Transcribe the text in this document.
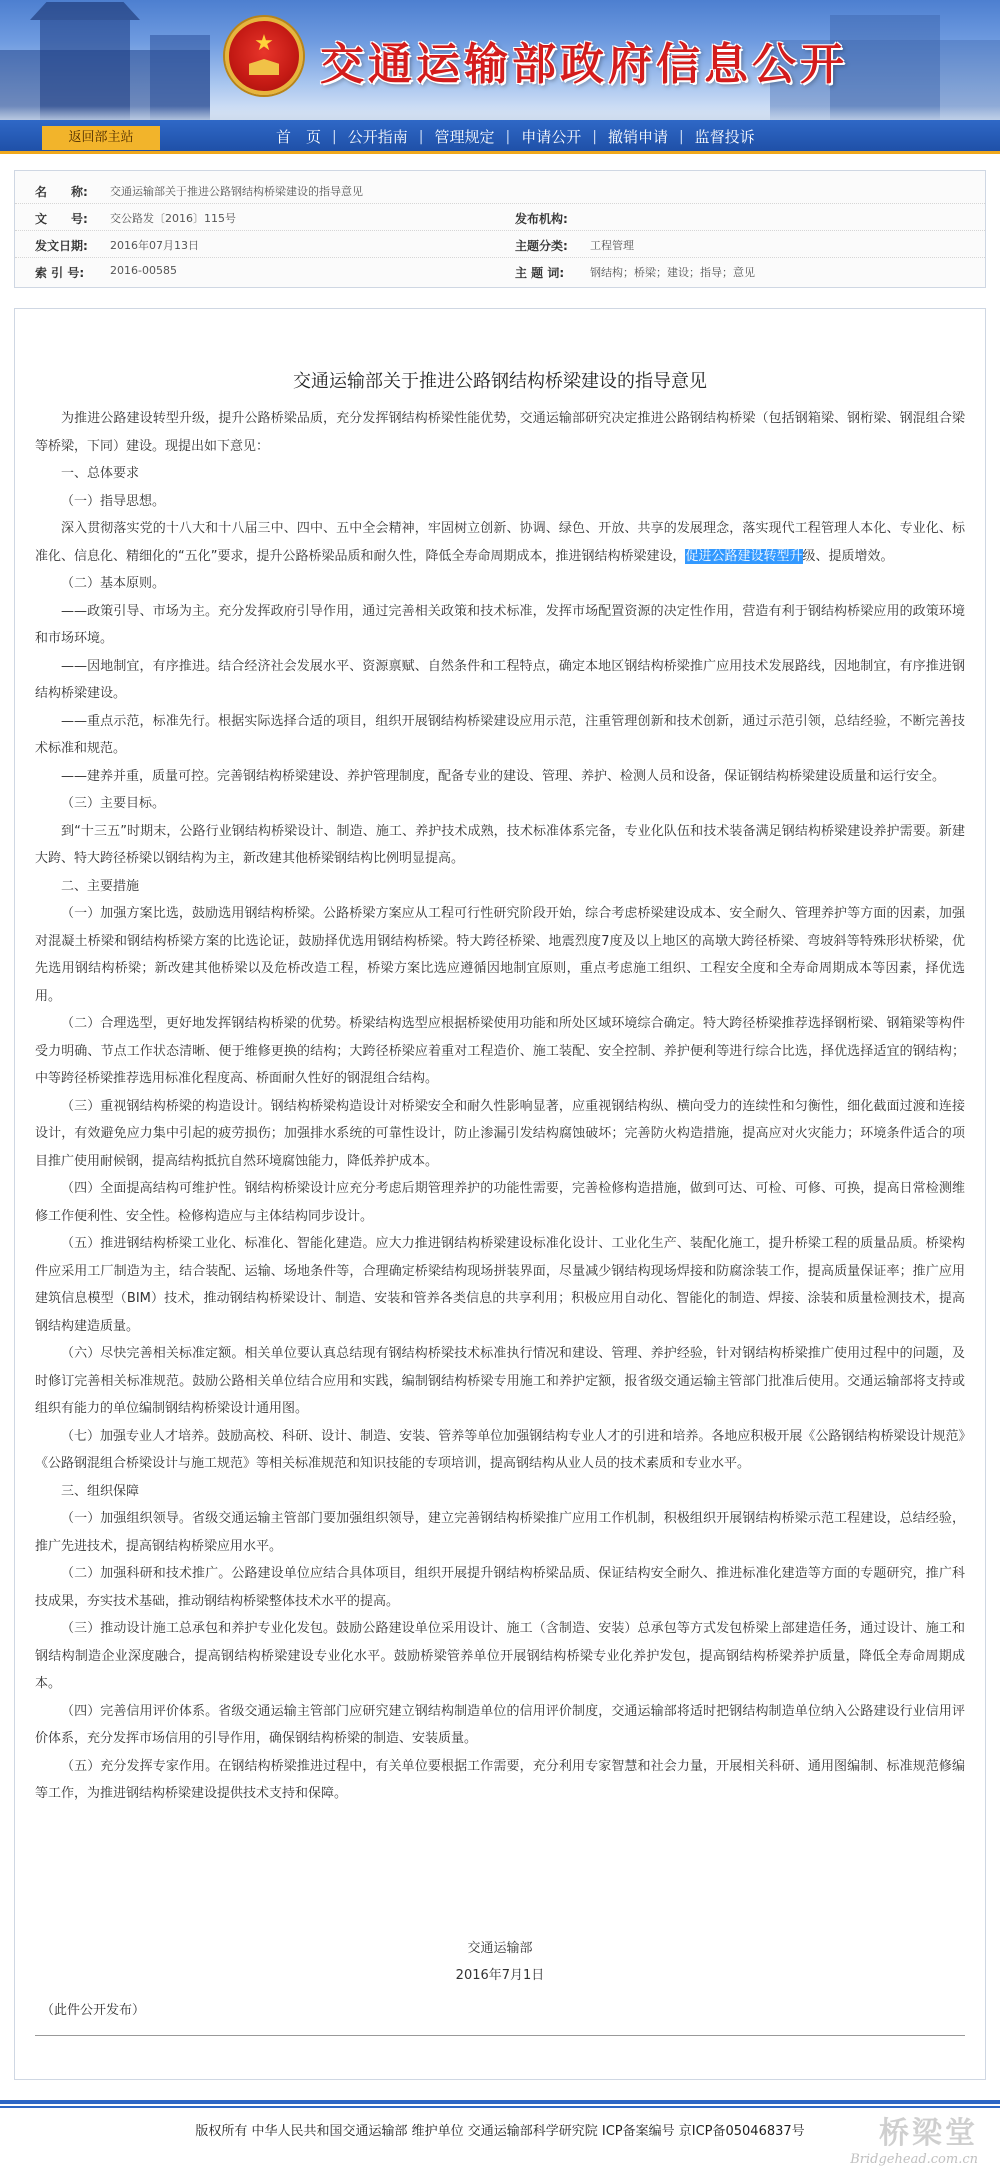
★	交通运输部政府信息公开
返回部主站	首　页 | 公开指南 | 管理规定 | 申请公开 | 撤销申请 | 监督投诉
名　　称:	交通运输部关于推进公路钢结构桥梁建设的指导意见
文　　号:	交公路发〔2016〕115号	发布机构:
发文日期:	2016年07月13日	主题分类:	工程管理
索 引 号:	2016-00585	主 题 词:	钢结构；桥梁；建设；指导；意见
交通运输部关于推进公路钢结构桥梁建设的指导意见

为推进公路建设转型升级，提升公路桥梁品质，充分发挥钢结构桥梁性能优势，交通运输部研究决定推进公路钢结构桥梁（包括钢箱梁、钢桁梁、钢混组合梁等桥梁，下同）建设。现提出如下意见：

一、总体要求

（一）指导思想。

深入贯彻落实党的十八大和十八届三中、四中、五中全会精神，牢固树立创新、协调、绿色、开放、共享的发展理念，落实现代工程管理人本化、专业化、标准化、信息化、精细化的“五化”要求，提升公路桥梁品质和耐久性，降低全寿命周期成本，推进钢结构桥梁建设，促进公路建设转型升级、提质增效。

（二）基本原则。

——政策引导、市场为主。充分发挥政府引导作用，通过完善相关政策和技术标准，发挥市场配置资源的决定性作用，营造有利于钢结构桥梁应用的政策环境和市场环境。

——因地制宜，有序推进。结合经济社会发展水平、资源禀赋、自然条件和工程特点，确定本地区钢结构桥梁推广应用技术发展路线，因地制宜，有序推进钢结构桥梁建设。

——重点示范，标准先行。根据实际选择合适的项目，组织开展钢结构桥梁建设应用示范，注重管理创新和技术创新，通过示范引领，总结经验，不断完善技术标准和规范。

——建养并重，质量可控。完善钢结构桥梁建设、养护管理制度，配备专业的建设、管理、养护、检测人员和设备，保证钢结构桥梁建设质量和运行安全。

（三）主要目标。

到“十三五”时期末，公路行业钢结构桥梁设计、制造、施工、养护技术成熟，技术标准体系完备，专业化队伍和技术装备满足钢结构桥梁建设养护需要。新建大跨、特大跨径桥梁以钢结构为主，新改建其他桥梁钢结构比例明显提高。

二、主要措施

（一）加强方案比选，鼓励选用钢结构桥梁。公路桥梁方案应从工程可行性研究阶段开始，综合考虑桥梁建设成本、安全耐久、管理养护等方面的因素，加强对混凝土桥梁和钢结构桥梁方案的比选论证，鼓励择优选用钢结构桥梁。特大跨径桥梁、地震烈度7度及以上地区的高墩大跨径桥梁、弯坡斜等特殊形状桥梁，优先选用钢结构桥梁；新改建其他桥梁以及危桥改造工程，桥梁方案比选应遵循因地制宜原则，重点考虑施工组织、工程安全度和全寿命周期成本等因素，择优选用。

（二）合理选型，更好地发挥钢结构桥梁的优势。桥梁结构选型应根据桥梁使用功能和所处区域环境综合确定。特大跨径桥梁推荐选择钢桁梁、钢箱梁等构件受力明确、节点工作状态清晰、便于维修更换的结构；大跨径桥梁应着重对工程造价、施工装配、安全控制、养护便利等进行综合比选，择优选择适宜的钢结构；中等跨径桥梁推荐选用标准化程度高、桥面耐久性好的钢混组合结构。

（三）重视钢结构桥梁的构造设计。钢结构桥梁构造设计对桥梁安全和耐久性影响显著，应重视钢结构纵、横向受力的连续性和匀衡性，细化截面过渡和连接设计，有效避免应力集中引起的疲劳损伤；加强排水系统的可靠性设计，防止渗漏引发结构腐蚀破坏；完善防火构造措施，提高应对火灾能力；环境条件适合的项目推广使用耐候钢，提高结构抵抗自然环境腐蚀能力，降低养护成本。

（四）全面提高结构可维护性。钢结构桥梁设计应充分考虑后期管理养护的功能性需要，完善检修构造措施，做到可达、可检、可修、可换，提高日常检测维修工作便利性、安全性。检修构造应与主体结构同步设计。

（五）推进钢结构桥梁工业化、标准化、智能化建造。应大力推进钢结构桥梁建设标准化设计、工业化生产、装配化施工，提升桥梁工程的质量品质。桥梁构件应采用工厂制造为主，结合装配、运输、场地条件等，合理确定桥梁结构现场拼装界面，尽量减少钢结构现场焊接和防腐涂装工作，提高质量保证率；推广应用建筑信息模型（BIM）技术，推动钢结构桥梁设计、制造、安装和管养各类信息的共享利用；积极应用自动化、智能化的制造、焊接、涂装和质量检测技术，提高钢结构建造质量。

（六）尽快完善相关标准定额。相关单位要认真总结现有钢结构桥梁技术标准执行情况和建设、管理、养护经验，针对钢结构桥梁推广使用过程中的问题，及时修订完善相关标准规范。鼓励公路相关单位结合应用和实践，编制钢结构桥梁专用施工和养护定额，报省级交通运输主管部门批准后使用。交通运输部将支持或组织有能力的单位编制钢结构桥梁设计通用图。

（七）加强专业人才培养。鼓励高校、科研、设计、制造、安装、管养等单位加强钢结构专业人才的引进和培养。各地应积极开展《公路钢结构桥梁设计规范》《公路钢混组合桥梁设计与施工规范》等相关标准规范和知识技能的专项培训，提高钢结构从业人员的技术素质和专业水平。

三、组织保障

（一）加强组织领导。省级交通运输主管部门要加强组织领导，建立完善钢结构桥梁推广应用工作机制，积极组织开展钢结构桥梁示范工程建设，总结经验，推广先进技术，提高钢结构桥梁应用水平。

（二）加强科研和技术推广。公路建设单位应结合具体项目，组织开展提升钢结构桥梁品质、保证结构安全耐久、推进标准化建造等方面的专题研究，推广科技成果，夯实技术基础，推动钢结构桥梁整体技术水平的提高。

（三）推动设计施工总承包和养护专业化发包。鼓励公路建设单位采用设计、施工（含制造、安装）总承包等方式发包桥梁上部建造任务，通过设计、施工和钢结构制造企业深度融合，提高钢结构桥梁建设专业化水平。鼓励桥梁管养单位开展钢结构桥梁专业化养护发包，提高钢结构桥梁养护质量，降低全寿命周期成本。

（四）完善信用评价体系。省级交通运输主管部门应研究建立钢结构制造单位的信用评价制度，交通运输部将适时把钢结构制造单位纳入公路建设行业信用评价体系，充分发挥市场信用的引导作用，确保钢结构桥梁的制造、安装质量。

（五）充分发挥专家作用。在钢结构桥梁推进过程中，有关单位要根据工作需要，充分利用专家智慧和社会力量，开展相关科研、通用图编制、标准规范修编等工作，为推进钢结构桥梁建设提供技术支持和保障。

交通运输部

2016年7月1日

（此件公开发布）
版权所有 中华人民共和国交通运输部 维护单位 交通运输部科学研究院 ICP备案编号 京ICP备05046837号	桥梁堂
Bridgehead.com.cn
